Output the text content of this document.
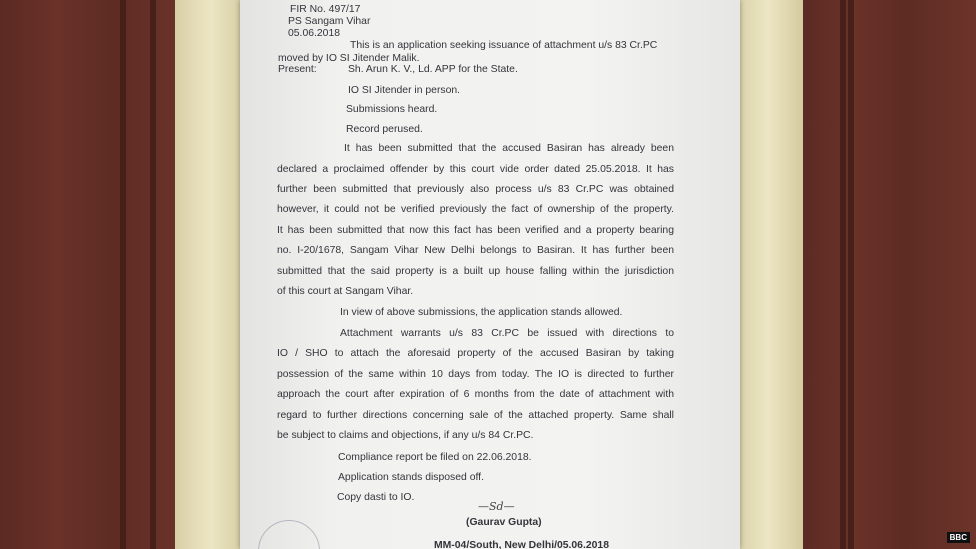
FIR No. 497/17

PS Sangam Vihar

05.06.2018

This is an application seeking issuance of attachment u/s 83 Cr.PC

moved by IO SI Jitender Malik.

Present:	Sh. Arun K. V., Ld. APP for the State.

IO SI Jitender in person.

Submissions heard.

Record perused.

It has been submitted that the accused Basiran has already been

declared a proclaimed offender by this court vide order dated 25.05.2018. It has

further been submitted that previously also process u/s 83 Cr.PC was obtained

however, it could not be verified previously the fact of ownership of the property.

It has been submitted that now this fact has been verified and a property bearing

no. I-20/1678, Sangam Vihar New Delhi belongs to Basiran. It has further been

submitted that the said property is a built up house falling within the jurisdiction

of this court at Sangam Vihar.

In view of above submissions, the application stands allowed.

Attachment warrants u/s 83 Cr.PC be issued with directions to

IO / SHO to attach the aforesaid property of the accused Basiran by taking

possession of the same within 10 days from today. The IO is directed to further

approach the court after expiration of 6 months from the date of attachment with

regard to further directions concerning sale of the attached property. Same shall

be subject to claims and objections, if any u/s 84 Cr.PC.

Compliance report be filed on 22.06.2018.

Application stands disposed off.

Copy dasti to IO.

—Sd—

(Gaurav Gupta)

MM-04/South, New Delhi/05.06.2018

BBC
